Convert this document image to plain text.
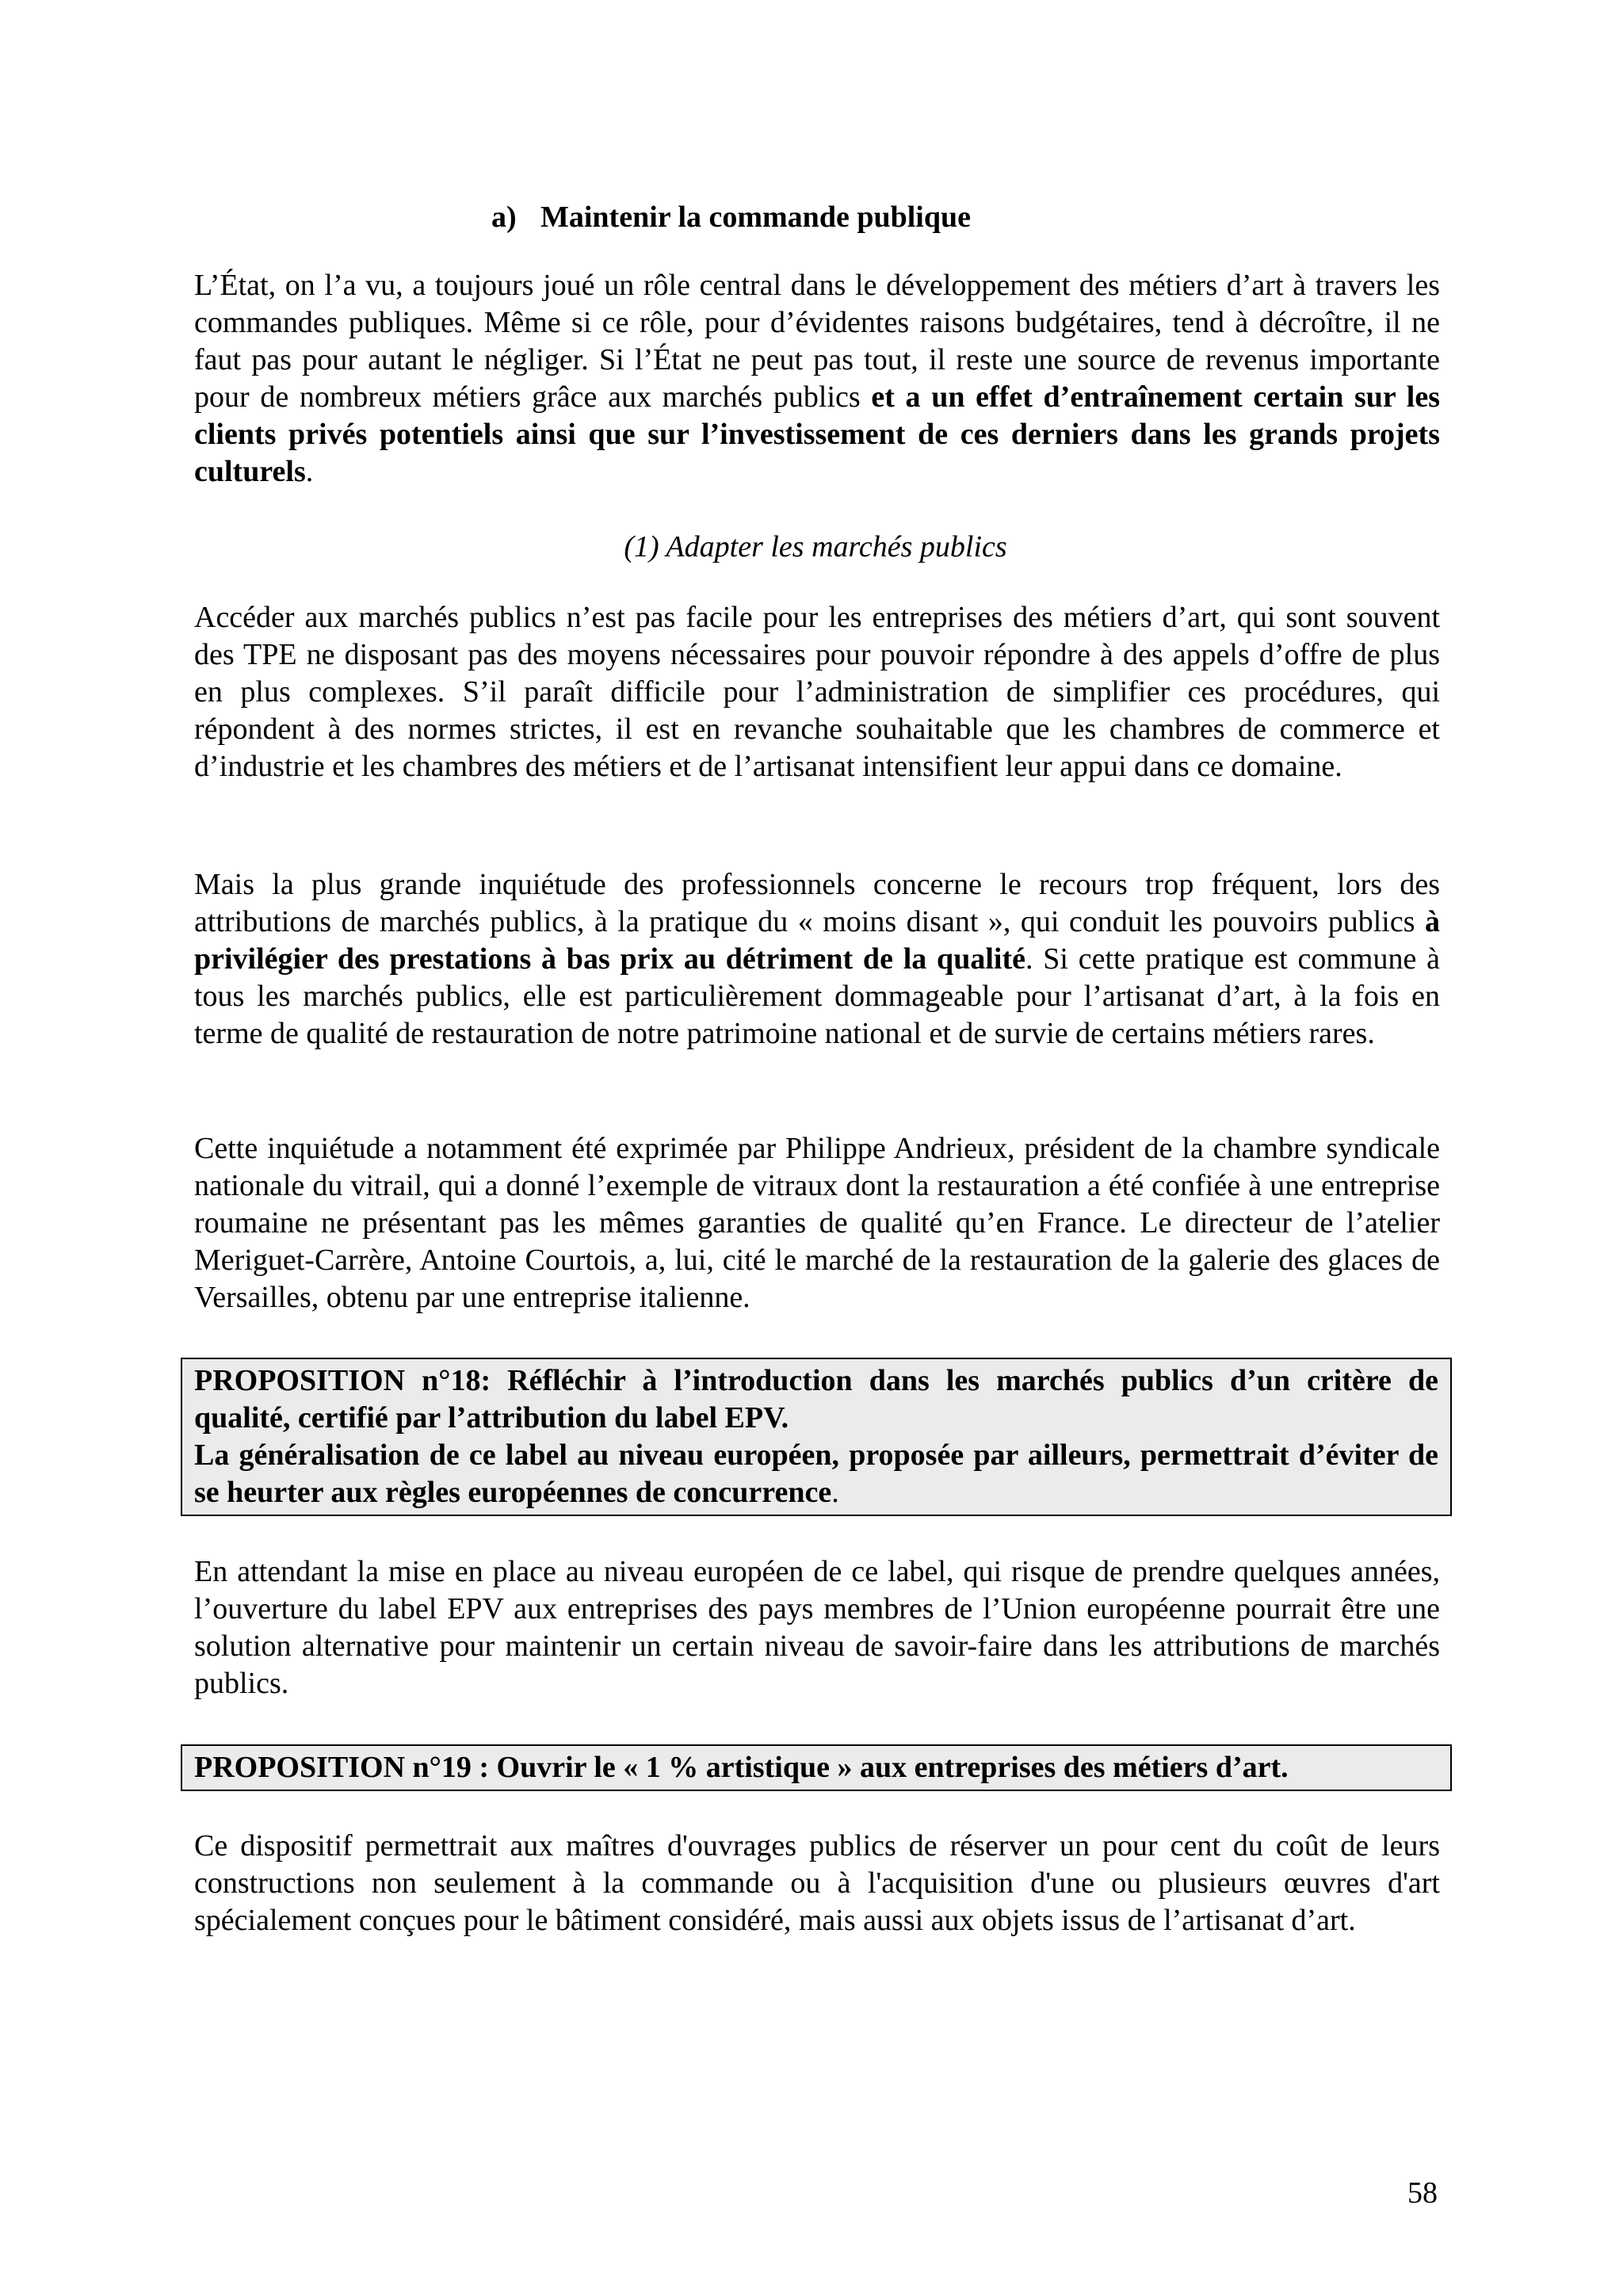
a) Maintenir la commande publique

L’État, on l’a vu, a toujours joué un rôle central dans le développement des métiers d’art à travers les commandes publiques. Même si ce rôle, pour d’évidentes raisons budgétaires, tend à décroître, il ne faut pas pour autant le négliger. Si l’État ne peut pas tout, il reste une source de revenus importante pour de nombreux métiers grâce aux marchés publics et a un effet d’entraînement certain sur les clients privés potentiels ainsi que sur l’investissement de ces derniers dans les grands projets culturels.

(1) Adapter les marchés publics

Accéder aux marchés publics n’est pas facile pour les entreprises des métiers d’art, qui sont souvent des TPE ne disposant pas des moyens nécessaires pour pouvoir répondre à des appels d’offre de plus en plus complexes. S’il paraît difficile pour l’administration de simplifier ces procédures, qui répondent à des normes strictes, il est en revanche souhaitable que les chambres de commerce et d’industrie et les chambres des métiers et de l’artisanat intensifient leur appui dans ce domaine.

Mais la plus grande inquiétude des professionnels concerne le recours trop fréquent, lors des attributions de marchés publics, à la pratique du « moins disant », qui conduit les pouvoirs publics à privilégier des prestations à bas prix au détriment de la qualité. Si cette pratique est commune à tous les marchés publics, elle est particulièrement dommageable pour l’artisanat d’art, à la fois en terme de qualité de restauration de notre patrimoine national et de survie de certains métiers rares.

Cette inquiétude a notamment été exprimée par Philippe Andrieux, président de la chambre syndicale nationale du vitrail, qui a donné l’exemple de vitraux dont la restauration a été confiée à une entreprise roumaine ne présentant pas les mêmes garanties de qualité qu’en France. Le directeur de l’atelier Meriguet-Carrère, Antoine Courtois, a, lui, cité le marché de la restauration de la galerie des glaces de Versailles, obtenu par une entreprise italienne.

PROPOSITION n°18: Réfléchir à l’introduction dans les marchés publics d’un critère de qualité, certifié par l’attribution du label EPV.
La généralisation de ce label au niveau européen, proposée par ailleurs, permettrait d’éviter de se heurter aux règles européennes de concurrence.

En attendant la mise en place au niveau européen de ce label, qui risque de prendre quelques années, l’ouverture du label EPV aux entreprises des pays membres de l’Union européenne pourrait être une solution alternative pour maintenir un certain niveau de savoir-faire dans les attributions de marchés publics.

PROPOSITION n°19 : Ouvrir le « 1 % artistique » aux entreprises des métiers d’art.

Ce dispositif permettrait aux maîtres d'ouvrages publics de réserver un pour cent du coût de leurs constructions non seulement à la commande ou à l'acquisition d'une ou plusieurs œuvres d'art spécialement conçues pour le bâtiment considéré, mais aussi aux objets issus de l’artisanat d’art.

58
